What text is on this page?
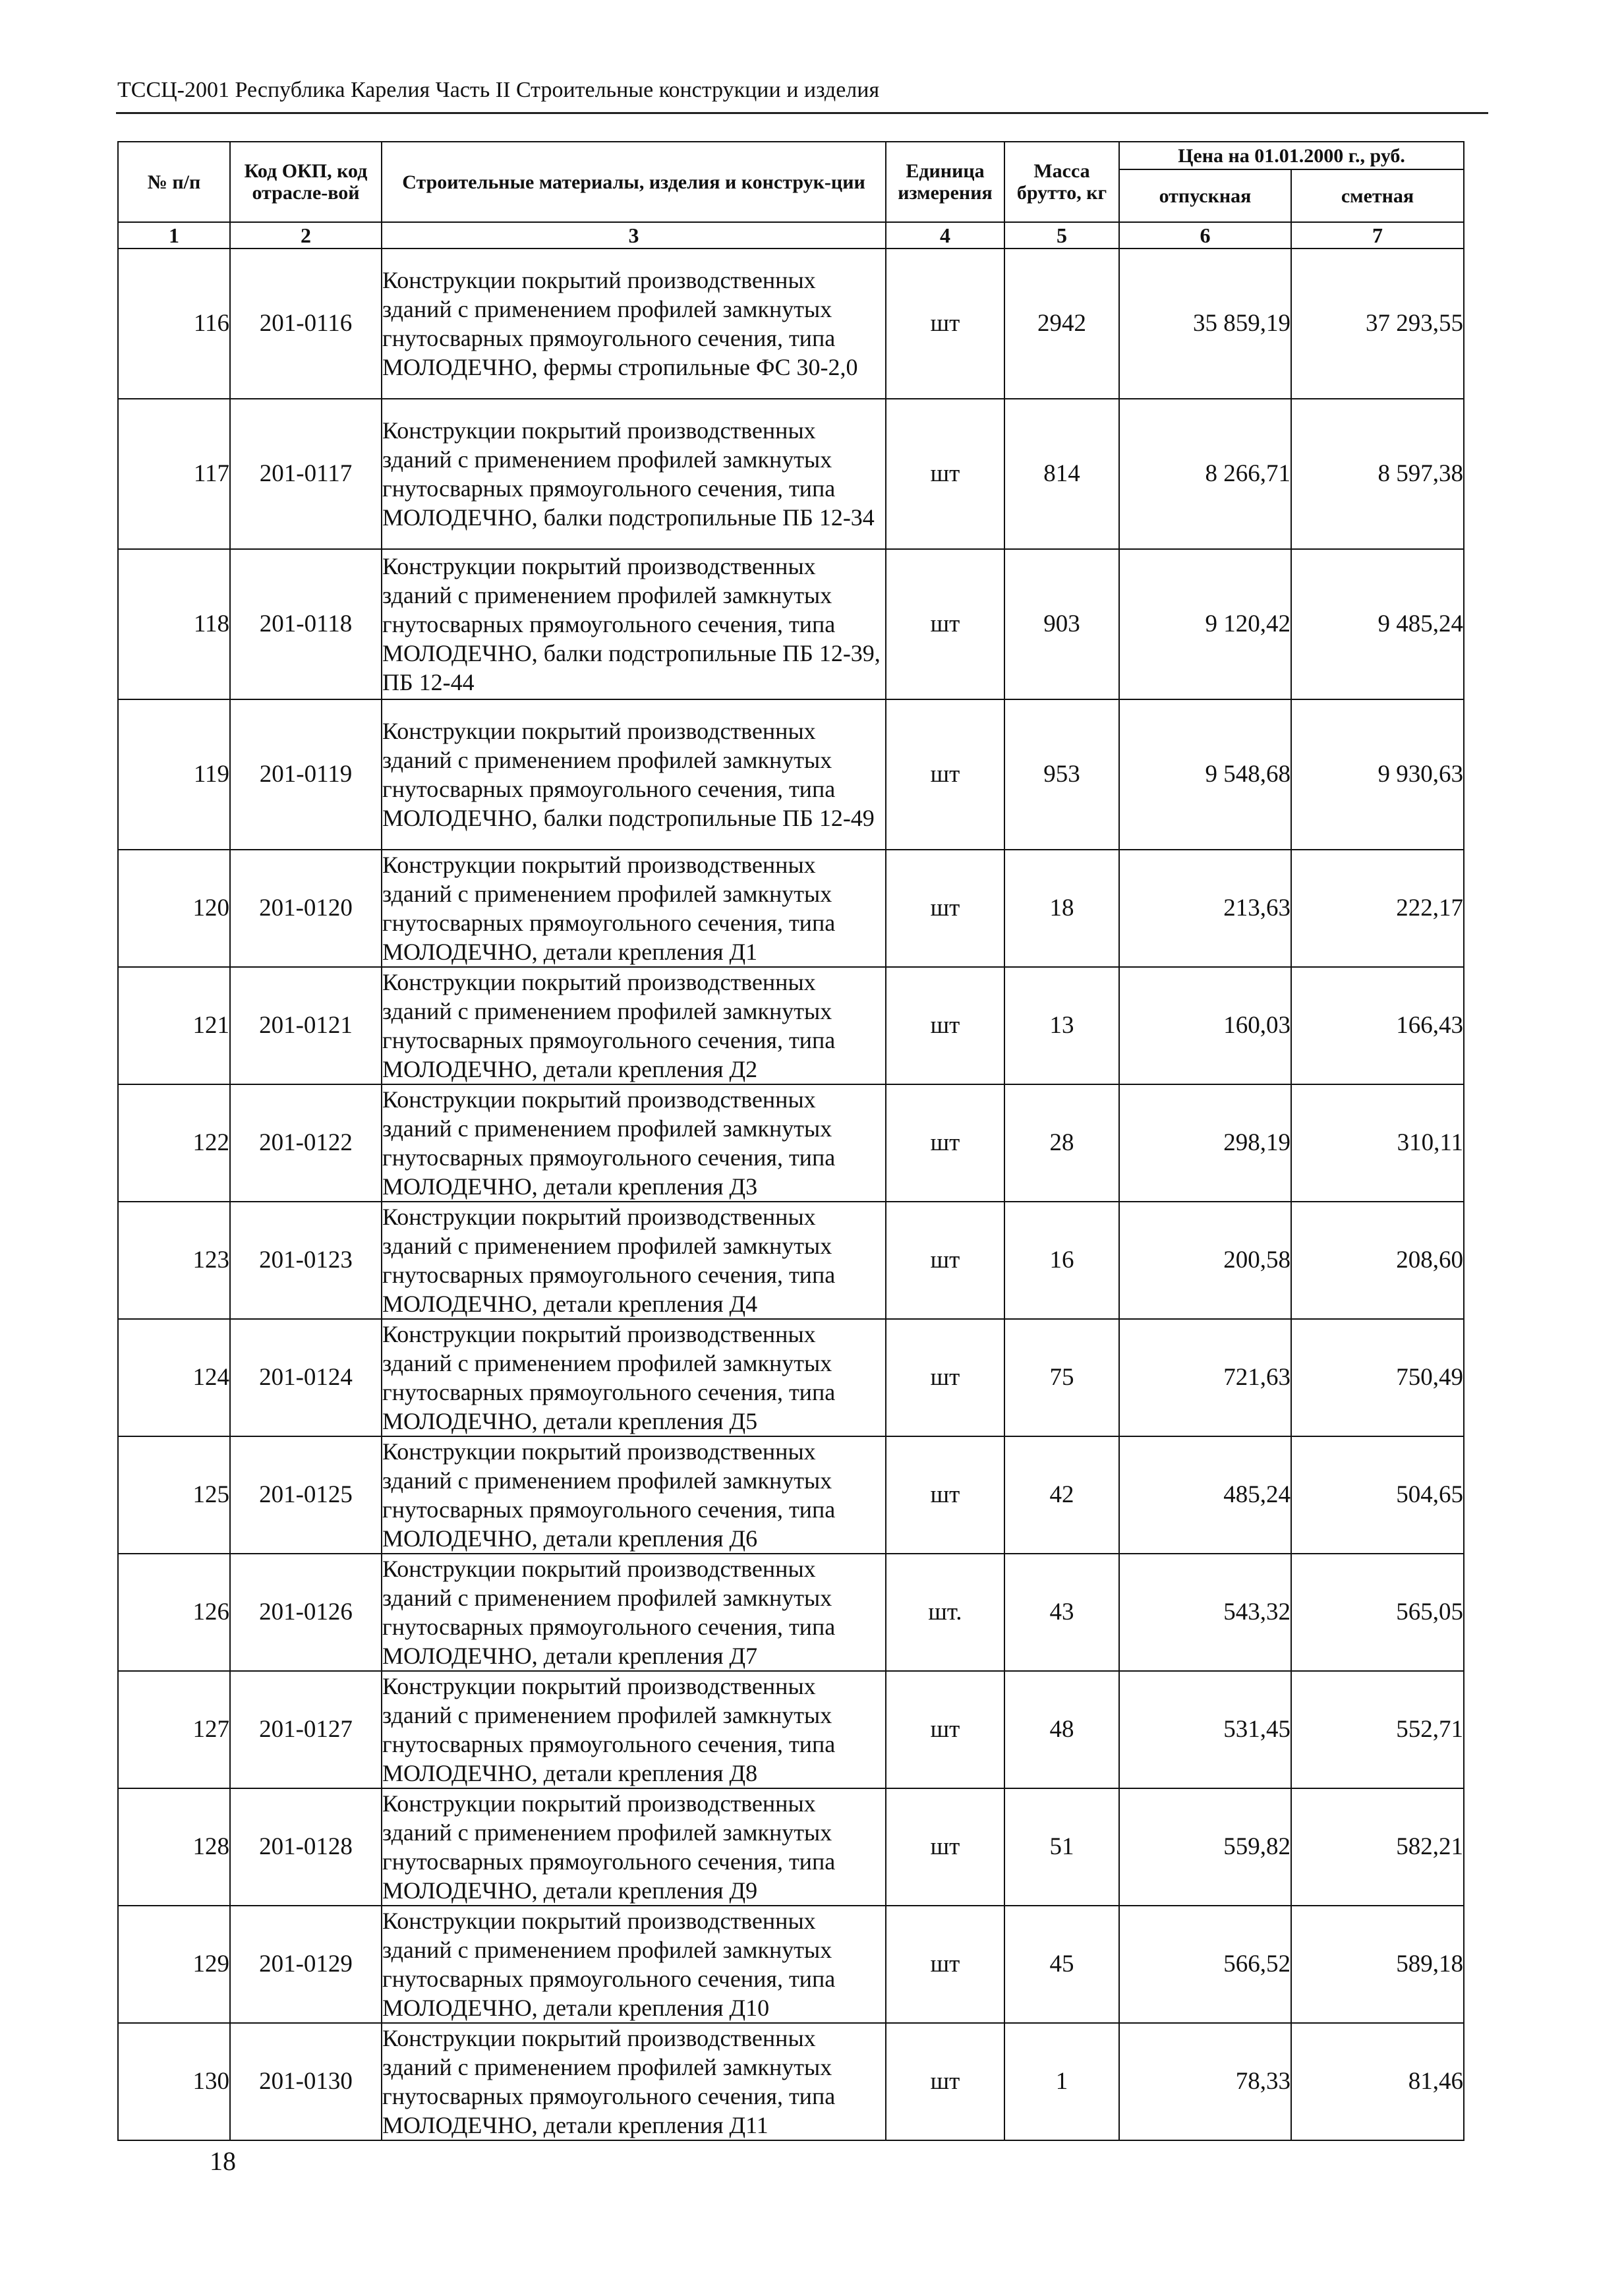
ТССЦ-2001 Республика Карелия Часть II Строительные конструкции и изделия
№ п/п	Код ОКП, код отрасле-вой	Строительные материалы, изделия и конструк-ции	Единица измерения	Масса брутто, кг	Цена на 01.01.2000 г., руб.	
					отпускная	сметная
1	2	3	4	5	6	7
116	201-0116	Конструкции покрытий производственных зданий с применением профилей замкнутых гнутосварных прямоугольного сечения, типа МОЛОДЕЧНО, фермы стропильные ФС 30-2,0	шт	2942	35 859,19	37 293,55
117	201-0117	Конструкции покрытий производственных зданий с применением профилей замкнутых гнутосварных прямоугольного сечения, типа МОЛОДЕЧНО, балки подстропильные ПБ 12-34	шт	814	8 266,71	8 597,38
118	201-0118	Конструкции покрытий производственных зданий с применением профилей замкнутых гнутосварных прямоугольного сечения, типа МОЛОДЕЧНО, балки подстропильные ПБ 12-39, ПБ 12-44	шт	903	9 120,42	9 485,24
119	201-0119	Конструкции покрытий производственных зданий с применением профилей замкнутых гнутосварных прямоугольного сечения, типа МОЛОДЕЧНО, балки подстропильные ПБ 12-49	шт	953	9 548,68	9 930,63
120	201-0120	Конструкции покрытий производственных зданий с применением профилей замкнутых гнутосварных прямоугольного сечения, типа МОЛОДЕЧНО, детали крепления Д1	шт	18	213,63	222,17
121	201-0121	Конструкции покрытий производственных зданий с применением профилей замкнутых гнутосварных прямоугольного сечения, типа МОЛОДЕЧНО, детали крепления Д2	шт	13	160,03	166,43
122	201-0122	Конструкции покрытий производственных зданий с применением профилей замкнутых гнутосварных прямоугольного сечения, типа МОЛОДЕЧНО, детали крепления Д3	шт	28	298,19	310,11
123	201-0123	Конструкции покрытий производственных зданий с применением профилей замкнутых гнутосварных прямоугольного сечения, типа МОЛОДЕЧНО, детали крепления Д4	шт	16	200,58	208,60
124	201-0124	Конструкции покрытий производственных зданий с применением профилей замкнутых гнутосварных прямоугольного сечения, типа МОЛОДЕЧНО, детали крепления Д5	шт	75	721,63	750,49
125	201-0125	Конструкции покрытий производственных зданий с применением профилей замкнутых гнутосварных прямоугольного сечения, типа МОЛОДЕЧНО, детали крепления Д6	шт	42	485,24	504,65
126	201-0126	Конструкции покрытий производственных зданий с применением профилей замкнутых гнутосварных прямоугольного сечения, типа МОЛОДЕЧНО, детали крепления Д7	шт.	43	543,32	565,05
127	201-0127	Конструкции покрытий производственных зданий с применением профилей замкнутых гнутосварных прямоугольного сечения, типа МОЛОДЕЧНО, детали крепления Д8	шт	48	531,45	552,71
128	201-0128	Конструкции покрытий производственных зданий с применением профилей замкнутых гнутосварных прямоугольного сечения, типа МОЛОДЕЧНО, детали крепления Д9	шт	51	559,82	582,21
129	201-0129	Конструкции покрытий производственных зданий с применением профилей замкнутых гнутосварных прямоугольного сечения, типа МОЛОДЕЧНО, детали крепления Д10	шт	45	566,52	589,18
130	201-0130	Конструкции покрытий производственных зданий с применением профилей замкнутых гнутосварных прямоугольного сечения, типа МОЛОДЕЧНО, детали крепления Д11	шт	1	78,33	81,46
18
